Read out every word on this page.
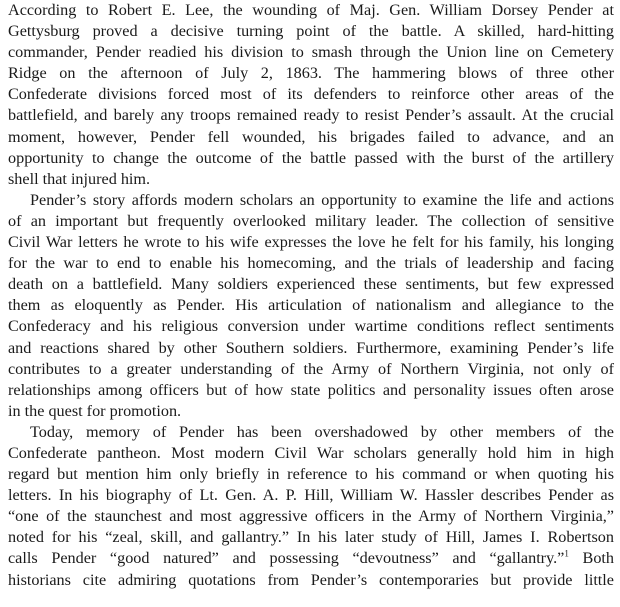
According to Robert E. Lee, the wounding of Maj. Gen. William Dorsey Pender at
Gettysburg proved a decisive turning point of the battle. A skilled, hard-hitting
commander, Pender readied his division to smash through the Union line on Cemetery
Ridge on the afternoon of July 2, 1863. The hammering blows of three other
Confederate divisions forced most of its defenders to reinforce other areas of the
battlefield, and barely any troops remained ready to resist Pender’s assault. At the crucial
moment, however, Pender fell wounded, his brigades failed to advance, and an
opportunity to change the outcome of the battle passed with the burst of the artillery
shell that injured him.
Pender’s story affords modern scholars an opportunity to examine the life and actions
of an important but frequently overlooked military leader. The collection of sensitive
Civil War letters he wrote to his wife expresses the love he felt for his family, his longing
for the war to end to enable his homecoming, and the trials of leadership and facing
death on a battlefield. Many soldiers experienced these sentiments, but few expressed
them as eloquently as Pender. His articulation of nationalism and allegiance to the
Confederacy and his religious conversion under wartime conditions reflect sentiments
and reactions shared by other Southern soldiers. Furthermore, examining Pender’s life
contributes to a greater understanding of the Army of Northern Virginia, not only of
relationships among officers but of how state politics and personality issues often arose
in the quest for promotion.
Today, memory of Pender has been overshadowed by other members of the
Confederate pantheon. Most modern Civil War scholars generally hold him in high
regard but mention him only briefly in reference to his command or when quoting his
letters. In his biography of Lt. Gen. A. P. Hill, William W. Hassler describes Pender as
“one of the staunchest and most aggressive officers in the Army of Northern Virginia,”
noted for his “zeal, skill, and gallantry.” In his later study of Hill, James I. Robertson
calls Pender “good natured” and possessing “devoutness” and “gallantry.”$^1$ Both
historians cite admiring quotations from Pender’s contemporaries but provide little
